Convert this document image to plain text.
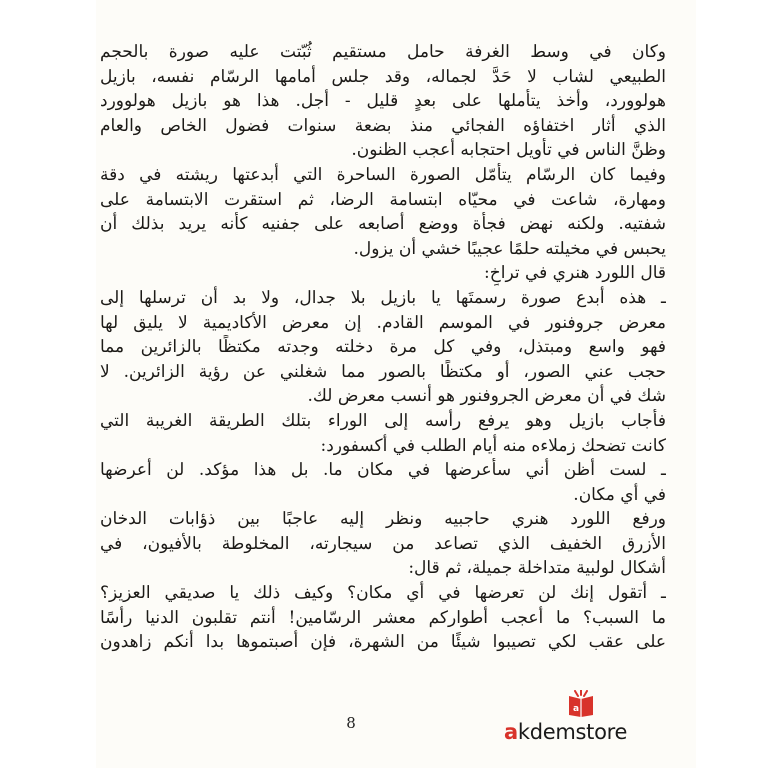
وكان في وسط الغرفة حامل مستقيم ثُبّتت عليه صورة بالحجم
الطبيعي لشاب لا حَدَّ لجماله، وقد جلس أمامها الرسّام نفسه، بازيل
هولوورد، وأخذ يتأملها على بعدٍ قليل - أجل. هذا هو بازيل هولوورد
الذي أثار اختفاؤه الفجائي منذ بضعة سنوات فضول الخاص والعام
وظنَّ الناس في تأويل احتجابه أعجب الظنون.
وفيما كان الرسّام يتأمّل الصورة الساحرة التي أبدعتها ريشته في دقة
ومهارة، شاعت في محيّاه ابتسامة الرضا، ثم استقرت الابتسامة على
شفتيه. ولكنه نهض فجأة ووضع أصابعه على جفنيه كأنه يريد بذلك أن
يحبس في مخيلته حلمًا عجيبًا خشي أن يزول.
قال اللورد هنري في تراخٍ:
ـ هذه أبدع صورة رسمتَها يا بازيل بلا جدال، ولا بد أن ترسلها إلى
معرض جروفنور في الموسم القادم. إن معرض الأكاديمية لا يليق لها
فهو واسع ومبتذل، وفي كل مرة دخلته وجدته مكتظًا بالزائرين مما
حجب عني الصور، أو مكتظًا بالصور مما شغلني عن رؤية الزائرين. لا
شك في أن معرض الجروفنور هو أنسب معرض لك.
فأجاب بازيل وهو يرفع رأسه إلى الوراء بتلك الطريقة الغريبة التي
كانت تضحك زملاءه منه أيام الطلب في أكسفورد:
ـ لست أظن أني سأعرضها في مكان ما. بل هذا مؤكد. لن أعرضها
في أي مكان.
ورفع اللورد هنري حاجبيه ونظر إليه عاجبًا بين ذؤابات الدخان
الأزرق الخفيف الذي تصاعد من سيجارته، المخلوطة بالأفيون، في
أشكال لولبية متداخلة جميلة، ثم قال:
ـ أتقول إنك لن تعرضها في أي مكان؟ وكيف ذلك يا صديقي العزيز؟
ما السبب؟ ما أعجب أطواركم معشر الرسّامين! أنتم تقلبون الدنيا رأسًا
على عقب لكي تصيبوا شيئًا من الشهرة، فإن أصبتموها بدا أنكم زاهدون
8
a
akdemstore
